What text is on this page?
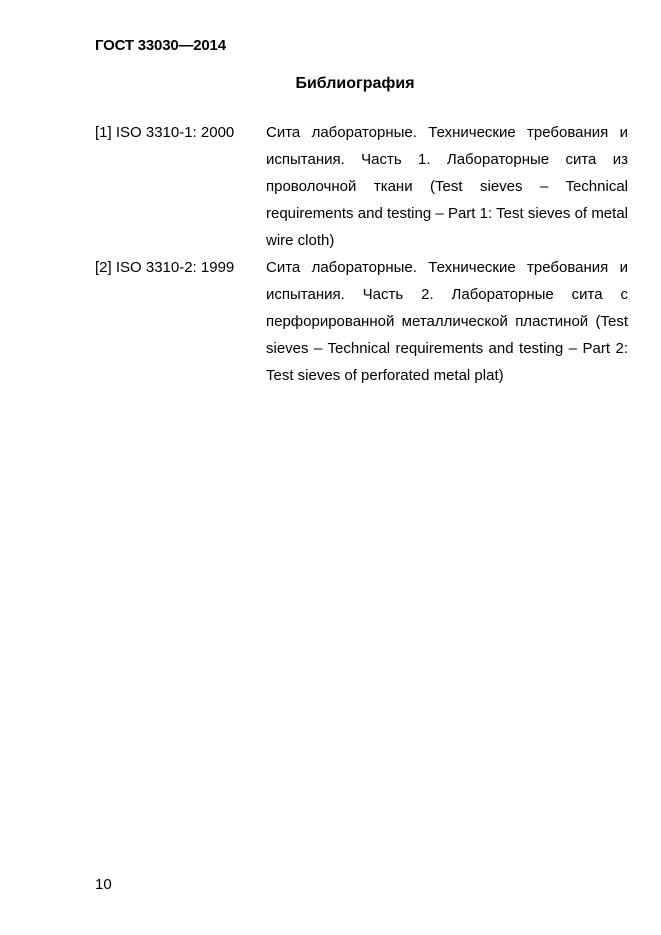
ГОСТ 33030—2014
Библиография
[1] ISO 3310-1: 2000	Сита лабораторные. Технические требования и испытания. Часть 1. Лабораторные сита из проволочной ткани (Test sieves – Technical requirements and testing – Part 1: Test sieves of metal wire cloth)
[2] ISO 3310-2: 1999	Сита лабораторные. Технические требования и испытания. Часть 2. Лабораторные сита с перфорированной металлической пластиной (Test sieves – Technical requirements and testing – Part 2: Test sieves of perforated metal plat)
10
